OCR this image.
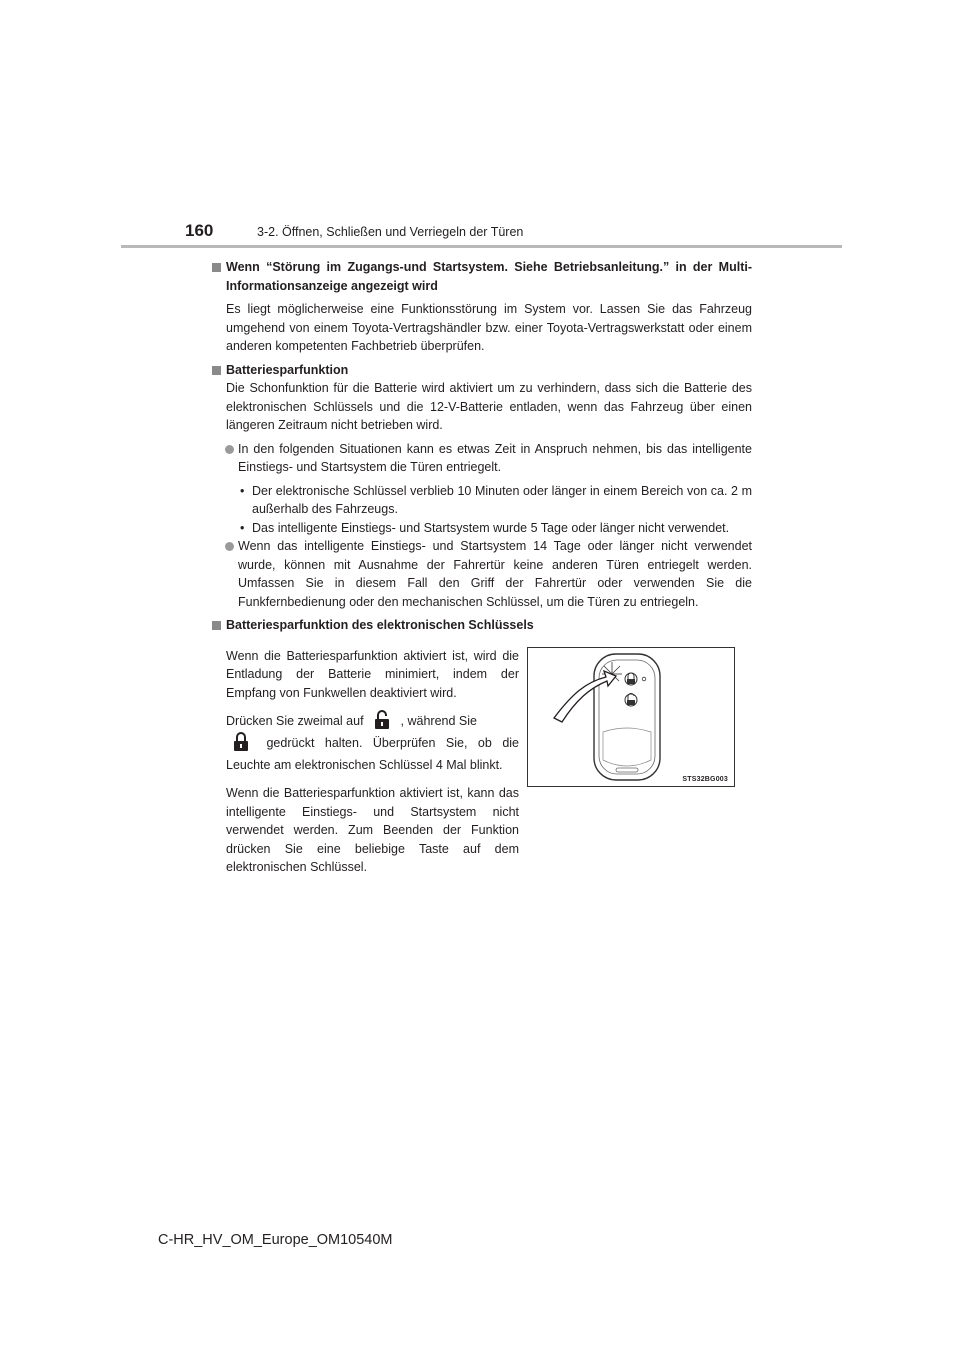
160	3-2. Öffnen, Schließen und Verriegeln der Türen
Wenn “Störung im Zugangs-und Startsystem. Siehe Betriebsanleitung.” in der Multi-Informationsanzeige angezeigt wird
Es liegt möglicherweise eine Funktionsstörung im System vor. Lassen Sie das Fahrzeug umgehend von einem Toyota-Vertragshändler bzw. einer Toyota-Vertragswerkstatt oder einem anderen kompetenten Fachbetrieb überprüfen.
Batteriesparfunktion
Die Schonfunktion für die Batterie wird aktiviert um zu verhindern, dass sich die Batterie des elektronischen Schlüssels und die 12-V-Batterie entladen, wenn das Fahrzeug über einen längeren Zeitraum nicht betrieben wird.
In den folgenden Situationen kann es etwas Zeit in Anspruch nehmen, bis das intelligente Einstiegs- und Startsystem die Türen entriegelt.
• Der elektronische Schlüssel verblieb 10 Minuten oder länger in einem Bereich von ca. 2 m außerhalb des Fahrzeugs.
• Das intelligente Einstiegs- und Startsystem wurde 5 Tage oder länger nicht verwendet.
Wenn das intelligente Einstiegs- und Startsystem 14 Tage oder länger nicht verwendet wurde, können mit Ausnahme der Fahrertür keine anderen Türen entriegelt werden. Umfassen Sie in diesem Fall den Griff der Fahrertür oder verwenden Sie die Funkfernbedienung oder den mechanischen Schlüssel, um die Türen zu entriegeln.
Batteriesparfunktion des elektronischen Schlüssels
Wenn die Batteriesparfunktion aktiviert ist, wird die Entladung der Batterie minimiert, indem der Empfang von Funkwellen deaktiviert wird.
Drücken Sie zweimal auf	, während Sie
gedrückt halten. Überprüfen Sie, ob die Leuchte am elektronischen Schlüssel 4 Mal blinkt.
Wenn die Batteriesparfunktion aktiviert ist, kann das intelligente Einstiegs- und Startsystem nicht verwendet werden. Zum Beenden der Funktion drücken Sie eine beliebige Taste auf dem elektronischen Schlüssel.
STS32BG003
C-HR_HV_OM_Europe_OM10540M
